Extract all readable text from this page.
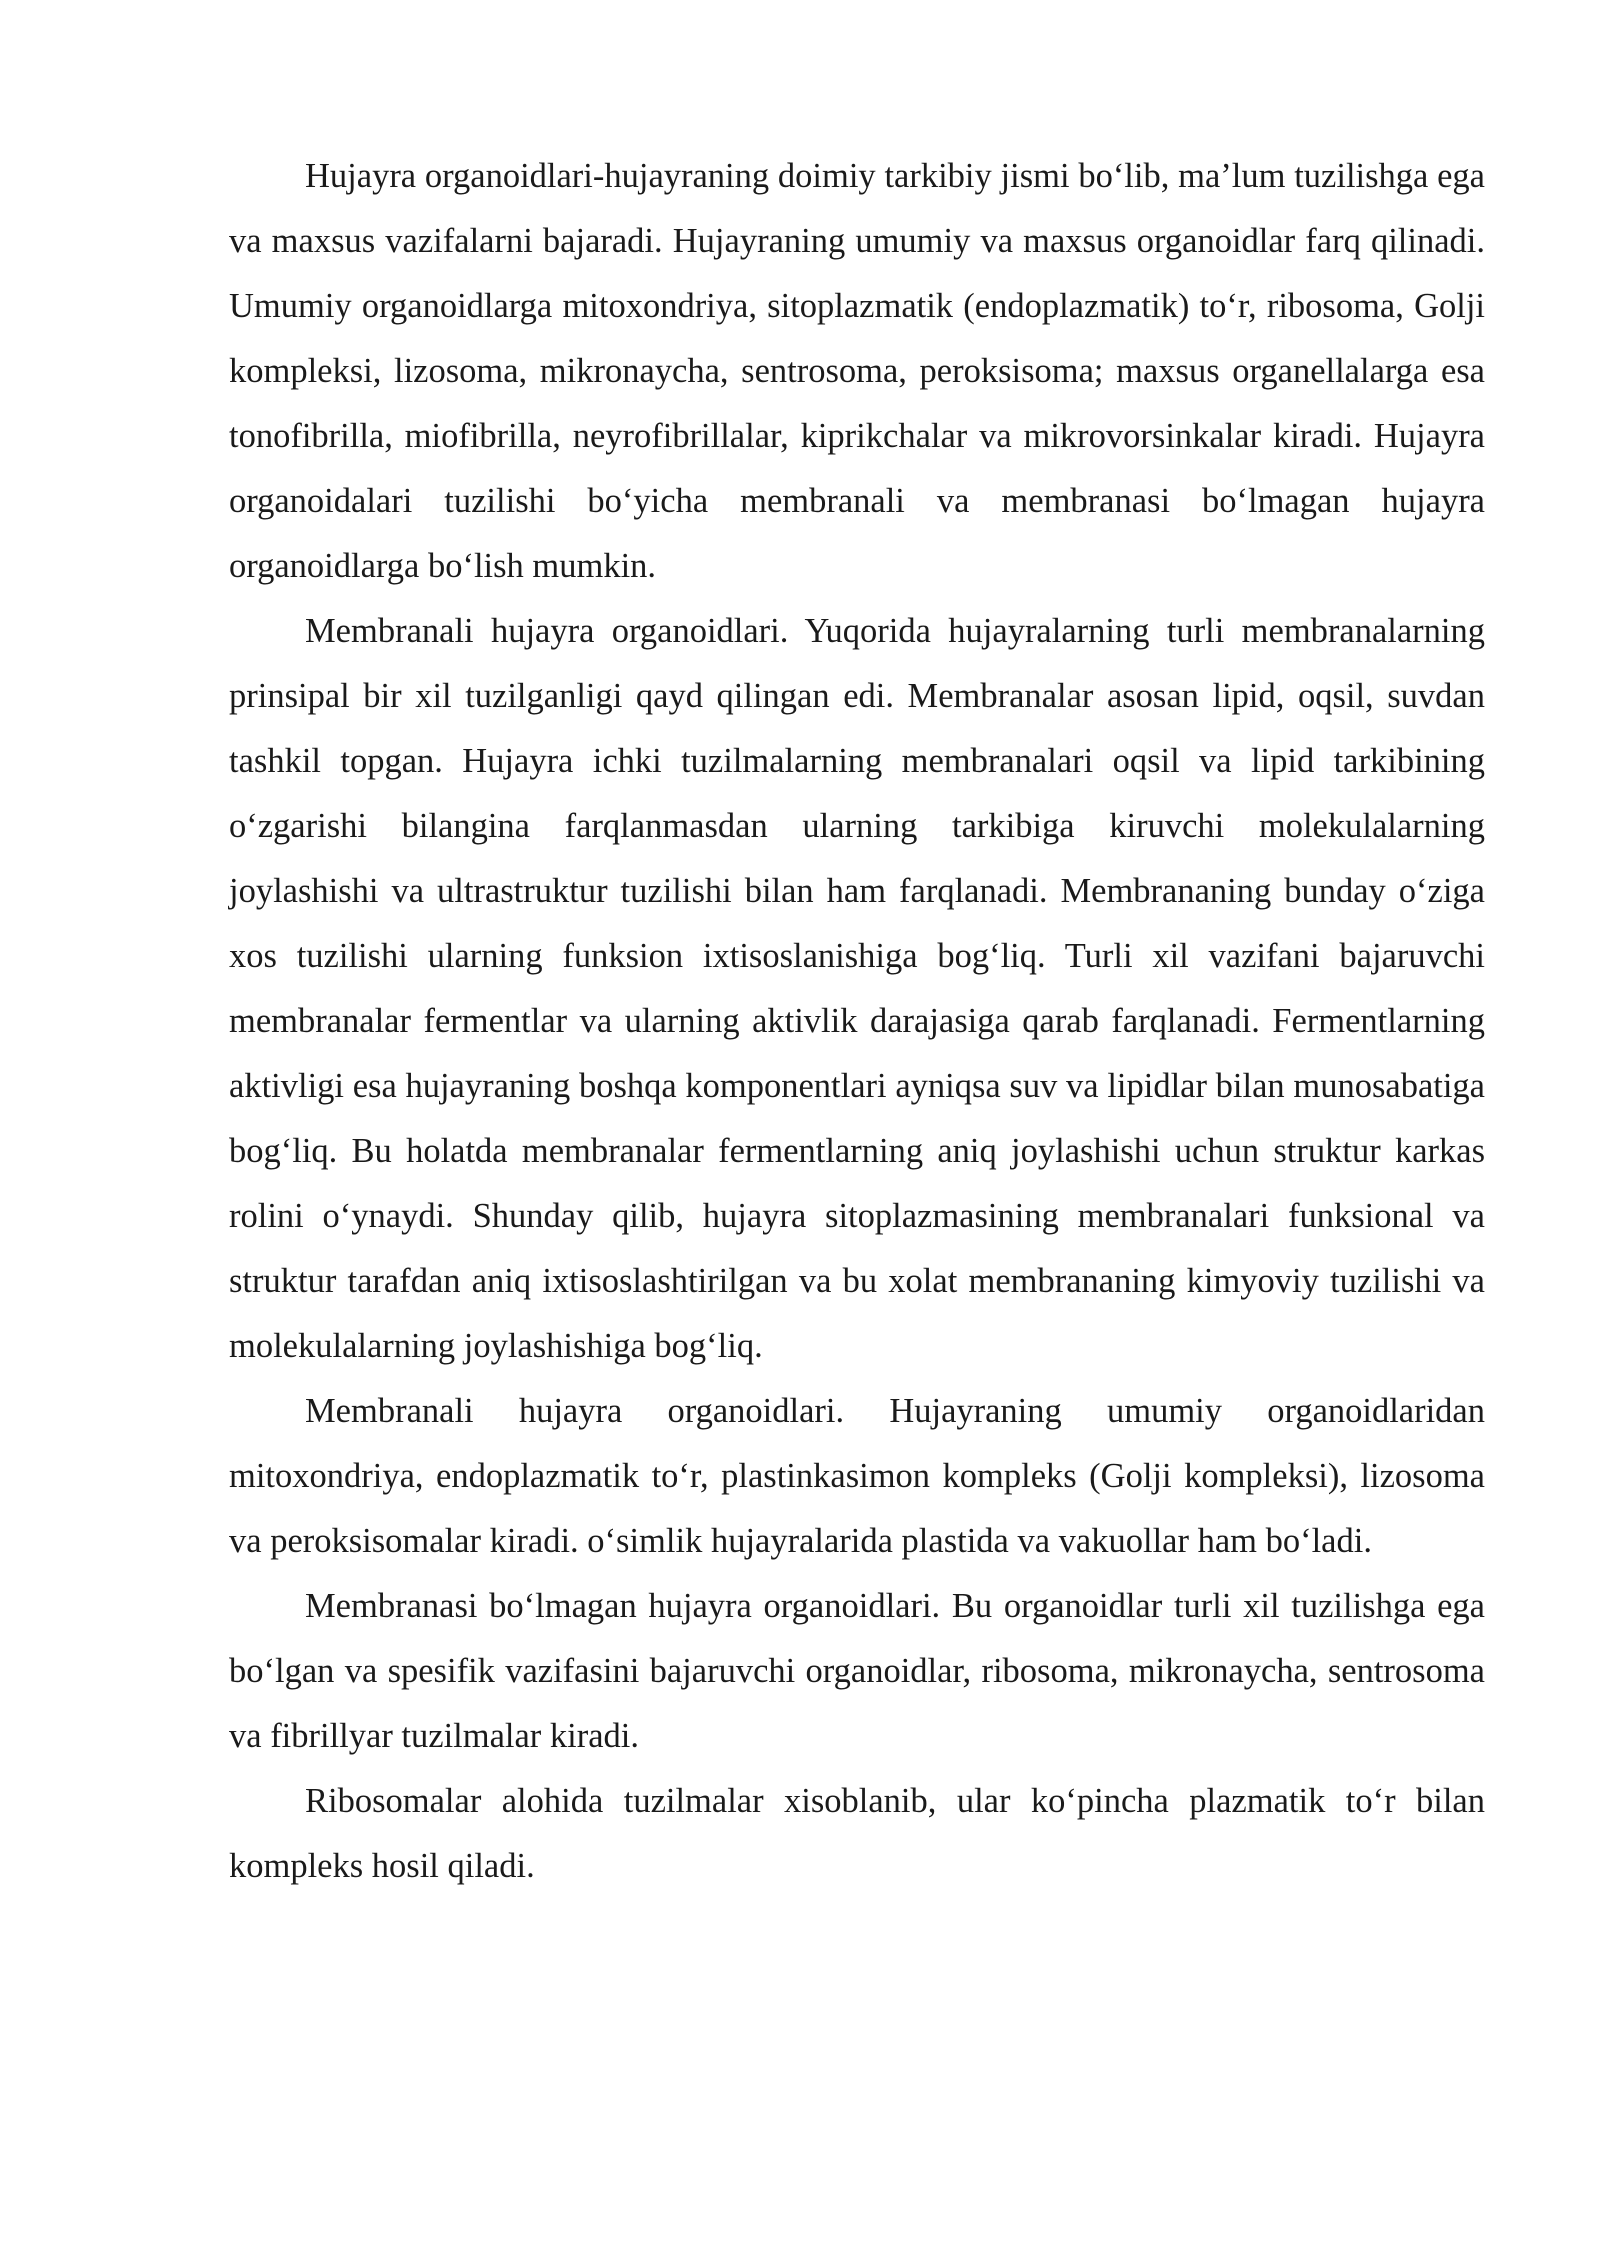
Hujayra organoidlari-hujayraning doimiy tarkibiy jismi bo‘lib, ma’lum tuzilishga ega va maxsus vazifalarni bajaradi. Hujayraning umumiy va maxsus organoidlar farq qilinadi. Umumiy organoidlarga mitoxondriya, sitoplazmatik (endoplazmatik) to‘r, ribosoma, Golji kompleksi, lizosoma, mikronaycha, sentrosoma, peroksisoma; maxsus organellalarga esa tonofibrilla, miofibrilla, neyrofibrillalar, kiprikchalar va mikrovorsinkalar kiradi. Hujayra organoidalari tuzilishi bo‘yicha membranali va membranasi bo‘lmagan hujayra organoidlarga bo‘lish mumkin.

Membranali hujayra organoidlari. Yuqorida hujayralarning turli membranalarning prinsipal bir xil tuzilganligi qayd qilingan edi. Membranalar asosan lipid, oqsil, suvdan tashkil topgan. Hujayra ichki tuzilmalarning membranalari oqsil va lipid tarkibining o‘zgarishi bilangina farqlanmasdan ularning tarkibiga kiruvchi molekulalarning joylashishi va ultrastruktur tuzilishi bilan ham farqlanadi. Membrananing bunday o‘ziga xos tuzilishi ularning funksion ixtisoslanishiga bog‘liq. Turli xil vazifani bajaruvchi membranalar fermentlar va ularning aktivlik darajasiga qarab farqlanadi. Fermentlarning aktivligi esa hujayraning boshqa komponentlari ayniqsa suv va lipidlar bilan munosabatiga bog‘liq. Bu holatda membranalar fermentlarning aniq joylashishi uchun struktur karkas rolini o‘ynaydi. Shunday qilib, hujayra sitoplazmasining membranalari funksional va struktur tarafdan aniq ixtisoslashtirilgan va bu xolat membrananing kimyoviy tuzilishi va molekulalarning joylashishiga bog‘liq.

Membranali hujayra organoidlari. Hujayraning umumiy organoidlaridan mitoxondriya, endoplazmatik to‘r, plastinkasimon kompleks (Golji kompleksi), lizosoma va peroksisomalar kiradi. o‘simlik hujayralarida plastida va vakuollar ham bo‘ladi.

Membranasi bo‘lmagan hujayra organoidlari. Bu organoidlar turli xil tuzilishga ega bo‘lgan va spesifik vazifasini bajaruvchi organoidlar, ribosoma, mikronaycha, sentrosoma va fibrillyar tuzilmalar kiradi.

Ribosomalar alohida tuzilmalar xisoblanib, ular ko‘pincha plazmatik to‘r bilan kompleks hosil qiladi.
